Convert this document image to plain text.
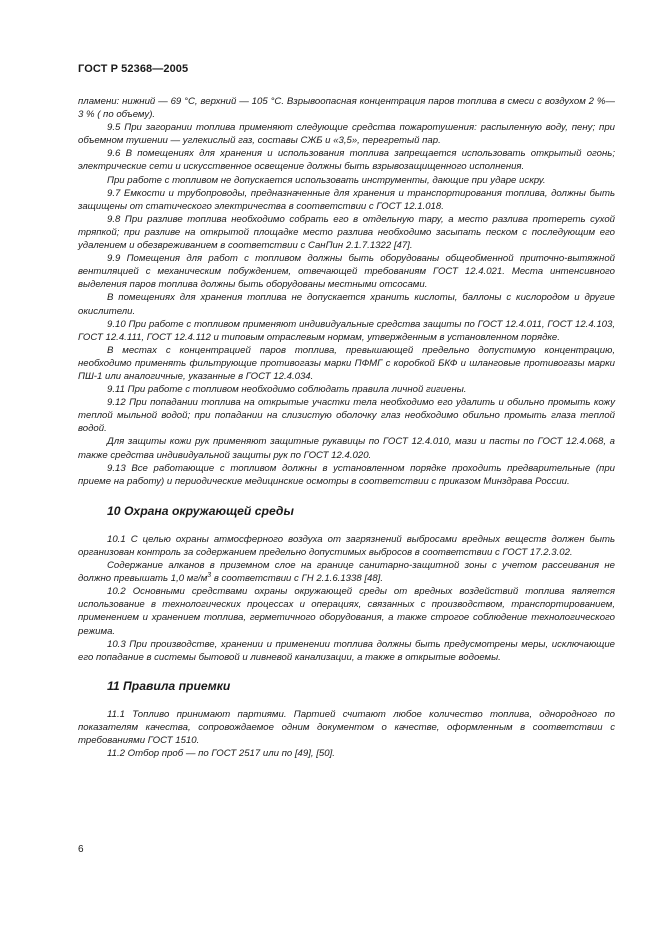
ГОСТ Р 52368—2005

пламени: нижний — 69 °С, верхний — 105 °С. Взрывоопасная концентрация паров топлива в смеси с воздухом 2 %—3 % ( по объему).

9.5 При загорании топлива применяют следующие средства пожаротушения: распыленную воду, пену; при объемном тушении — углекислый газ, составы СЖБ и «3,5», перегретый пар.

9.6 В помещениях для хранения и использования топлива запрещается использовать открытый огонь; электрические сети и искусственное освещение должны быть взрывозащищенного исполнения.

При работе с топливом не допускается использовать инструменты, дающие при ударе искру.

9.7 Емкости и трубопроводы, предназначенные для хранения и транспортирования топлива, должны быть защищены от статического электричества в соответствии с ГОСТ 12.1.018.

9.8 При разливе топлива необходимо собрать его в отдельную тару, а место разлива протереть сухой тряпкой; при разливе на открытой площадке место разлива необходимо засыпать песком с последующим его удалением и обезвреживанием в соответствии с СанПин 2.1.7.1322 [47].

9.9 Помещения для работ с топливом должны быть оборудованы общеобменной приточно-вытяжной вентиляцией с механическим побуждением, отвечающей требованиям ГОСТ 12.4.021. Места интенсивного выделения паров топлива должны быть оборудованы местными отсосами.

В помещениях для хранения топлива не допускается хранить кислоты, баллоны с кислородом и другие окислители.

9.10 При работе с топливом применяют индивидуальные средства защиты по ГОСТ 12.4.011, ГОСТ 12.4.103, ГОСТ 12.4.111, ГОСТ 12.4.112 и типовым отраслевым нормам, утвержденным в установленном порядке.

В местах с концентрацией паров топлива, превышающей предельно допустимую концентрацию, необходимо применять фильтрующие противогазы марки ПФМГ с коробкой БКФ и шланговые противогазы марки ПШ-1 или аналогичные, указанные в ГОСТ 12.4.034.

9.11 При работе с топливом необходимо соблюдать правила личной гигиены.

9.12 При попадании топлива на открытые участки тела необходимо его удалить и обильно промыть кожу теплой мыльной водой; при попадании на слизистую оболочку глаз необходимо обильно промыть глаза теплой водой.

Для защиты кожи рук применяют защитные рукавицы по ГОСТ 12.4.010, мази и пасты по ГОСТ 12.4.068, а также средства индивидуальной защиты рук по ГОСТ 12.4.020.

9.13 Все работающие с топливом должны в установленном порядке проходить предварительные (при приеме на работу) и периодические медицинские осмотры в соответствии с приказом Минздрава России.

10 Охрана окружающей среды

10.1 С целью охраны атмосферного воздуха от загрязнений выбросами вредных веществ должен быть организован контроль за содержанием предельно допустимых выбросов в соответствии с ГОСТ 17.2.3.02.

Содержание алканов в приземном слое на границе санитарно-защитной зоны с учетом рассеивания не должно превышать 1,0 $мг/м^3$ в соответствии с ГН 2.1.6.1338 [48].

10.2 Основными средствами охраны окружающей среды от вредных воздействий топлива является использование в технологических процессах и операциях, связанных с производством, транспортированием, применением и хранением топлива, герметичного оборудования, а также строгое соблюдение технологического режима.

10.3 При производстве, хранении и применении топлива должны быть предусмотрены меры, исключающие его попадание в системы бытовой и ливневой канализации, а также в открытые водоемы.

11 Правила приемки

11.1 Топливо принимают партиями. Партией считают любое количество топлива, однородного по показателям качества, сопровождаемое одним документом о качестве, оформленным в соответствии с требованиями ГОСТ 1510.

11.2 Отбор проб — по ГОСТ 2517 или по [49], [50].

6
